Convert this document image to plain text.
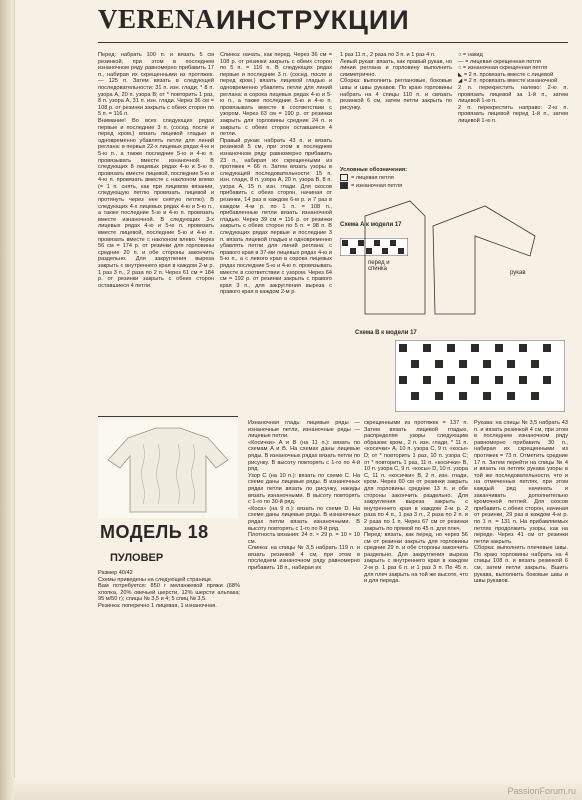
VERENA ИНСТРУКЦИИ
Перед: набрать 100 п. и вязать 5 см резинкой, при этом в последнем изнаночном ряду равномерно прибавить 17 п., набирая их скрещенными из протяжек. — 125 п. Затем вязать в следующей последовательности: 31 п. изн. глади, * 8 п. узора A, 20 п. узора B; от * повторить 1 раз, 8 п. узора A, 31 п. изн. глади. Через 36 см = 108 р. от резинки закрыть с обеих сторон по 5 п. = 116 п.
Внимание! Во всех следующих рядах первые и последние 3 п. (сосед. после и перед кром.) вязать лицевой гладью и одновременно убавлять петли для линий реглана: в первых 22-х лицевых рядах 4-ю и 5-ю п., а также последние 5-ю и 4-ю п. провязывать вместе изнаночной. В следующих 8 лицевых рядах 4-ю и 5-ю п. провязать вместе лицевой, последние 5-ю и 4-ю п. провязать вместе с наклоном влево (= 1 п. снять, как при лицевом вязании, следующую петлю провязать лицевой и протянуть через нее снятую петлю). В следующих 4-х лицевых рядах 4-ю и 5-ю п., а также последние 5-ю и 4-ю п. провязать вместе изнаночной. В следующих 3-х лицевых рядах 4-ю и 5-ю п. провязать вместе лицевой, последние 5-ю и 4-ю п. провязать вместе с наклоном влево. Через 56 см = 174 р. от резинки для горловины средние 20 п. и обе стороны закончить раздельно. Для закругления выреза закрыть с внутреннего края в каждом 2-м р. 1 раз 3 п., 2 раза по 2 п. Через 61 см = 184 р. от резинки закрыть с обеих сторон оставшиеся 4 петли.
Спинка: начать, как перед. Через 36 см = 108 р. от резинки закрыть с обеих сторон по 5 п. = 116 п. В следующих рядах первые и последние 3 п. (сосед. после и перед кром.) вязать лицевой гладью и одновременно убавлять петли для линий реглана: в сорока лицевых рядах 4-ю и 5-ю п., а также последние 5-ю и 4-ю п. провязывать вместе в соответствии с узором. Через 63 см = 190 р. от резинки закрыть для горловины средние 24 п. и закрыть с обеих сторон оставшиеся 4 петли.
Правый рукав: набрать 43 п. и вязать резинкой 5 см, при этом в последнем изнаночном ряду равномерно прибавить 23 п., набирая их скрещенными из протяжек = 66 п. Затем вязать узоры в следующей последовательности: 15 п. изн. глади, 8 п. узора A, 20 п. узора B, 8 п. узора A, 15 п. изн. глади. Для скосов прибавить с обеих сторон, начиная от резинки, 14 раз в каждом 6-м р. и 7 раз в каждом 4-м р. по 1 п. = 108 п., прибавленные петли вязать изнаночной гладью. Через 39 см = 116 р. от резинки закрыть с обеих сторон по 5 п. = 98 п. В следующих рядах первые и последние 3 п. вязать лицевой гладью и одновременно убавлять петли для линий реглана: с правого края в 37-ми лицевых рядах 4-ю и 5-ю п., а с левого края в сорока лицевых рядах последние 5-ю и 4-ю п. провязывать вместе в соответствии с узором. Через 64 см = 192 р. от резинки закрыть с правого края 3 п., для закругления выреза с правого края в каждом 2-м р.
1 раз 11 п., 2 раза по 3 п. и 1 раз 4 п.
Левый рукав: вязать, как правый рукав, но линии реглана и горловину выполнить симметрично.
Сборка: выполнить реглановые, боковые швы и швы рукавов. По краю горловины набрать на 4 спицы 110 п. и связать резинкой 6 см, затем петли закрыть по рисунку.
○ = накид
— = лицевая скрещенная петля
○ = изнаночная скрещенная петля
◣ = 2 п. провязать вместе с лицевой
◢ = 2 п. провязать вместе изнаночной
2 п. перекрестить налево: 2-ю п. провязать лицевой за 1-й п., затем лицевой 1-ю п.
2 п. перекрестить направо: 2-ю п. провязать лицевой перед 1-й п., затем лицевой 1-ю п.
Условные обозначения:
= лицевая петля
= изнаночная петля
Схема A к модели 17
перед и спинка
рукав
Схема B к модели 17
МОДЕЛЬ 18
ПУЛОВЕР
Размер 40/42
Схемы приведены на следующей странице.
Вам потребуется: 850 г меланжевой пряжи (68% хлопка, 20% овечьей шерсти, 12% шерсти альпака; 95 м/50 г); спицы № 3,5 и 4; 5 спиц № 3,5.
Резинка: поперечно 1 лицевая, 1 изнаночная.
Изнаночная гладь: лицевые ряды — изнаночные петли, изнаночные ряды — лицевые петли.
«Косички» A и B (на 11 п.): вязать по схемам A и B. На схемах даны лицевые ряды. В изнаночных рядах вязать петли по рисунку. В высоту повторять с 1-го по 4-й ряд.
Узор C (на 10 п.): вязать по схеме C. На схеме даны лицевые ряды. В изнаночных рядах петли вязать по рисунку, накиды вязать изнаночными. В высоту повторять с 1-го по 30-й ряд.
«Коса» (на 9 п.): вязать по схеме D. На схеме даны лицевые ряды. В изнаночных рядах петли вязать изнаночными. В высоту повторять с 1-го по 8-й ряд.
Плотность вязания: 24 п. × 29 р. = 10 × 10 см.
Спинка: на спицы № 3,5 набрать 119 п. и вязать резинкой 4 см, при этом в последнем изнаночном ряду равномерно прибавить 18 п., набирая их
скрещенными из протяжек = 137 п. Затем вязать лицевой гладью, распределяя узоры следующим образом: кром., 2 п. изн. глади, * 11 п. «косички» A, 10 п. узора C, 9 п. «косы» D; от * повторить 1 раз, 10 п. узора C; от * повторить 1 раз, 11 п. «косички» B, 10 п. узора C, 9 п. «косы» D, 10 п. узора C, 11 п. «косички» B, 2 п. изн. глади, кром. Через 60 см от резинки закрыть для горловины средние 13 п. и обе стороны закончить раздельно. Для закругления выреза закрыть с внутреннего края в каждом 2-м р. 2 раза по 4 п., 1 раз 3 п., 2 раза по 2 п. и 2 раза по 1 п. Через 67 см от резинки закрыть по прямой по 45 п. для плеч.
Перед: вязать, как перед, но через 56 см от резинки закрыть для горловины средние 29 п. и обе стороны закончить раздельно. Для закругления выреза закрыть с внутреннего края в каждом 2-м р. 1 раз 6 п. и 1 раз 3 п. По 45 п. для плеч закрыть на той же высоте, что и для переда.
Рукава: на спицы № 3,5 набрать 43 п. и вязать резинкой 4 см, при этом в последнем изнаночном ряду равномерно прибавить 30 п., набирая их скрещенными из протяжек = 73 п. Отметить средние 17 п. Затем перейти на спицы № 4 и вязать на петлях рукава узоры в той же последовательности, что и на отмеченных петлях, при этом каждый ряд начинать и заканчивать дополнительно кромочной петлей. Для скосов прибавить с обеих сторон, начиная от резинки, 29 раз в каждом 4-м р. по 1 п. = 131 п. На прибавляемых петлях продолжить узоры, как на переде. Через 41 см от резинки петли закрыть.
Сборка: выполнить плечевые швы. По краю горловины набрать на 4 спицы 108 п. и вязать резинкой 6 см, затем петли закрыть. Вшить рукава, выполнить боковые швы и швы рукавов.
PassionForum.ru
